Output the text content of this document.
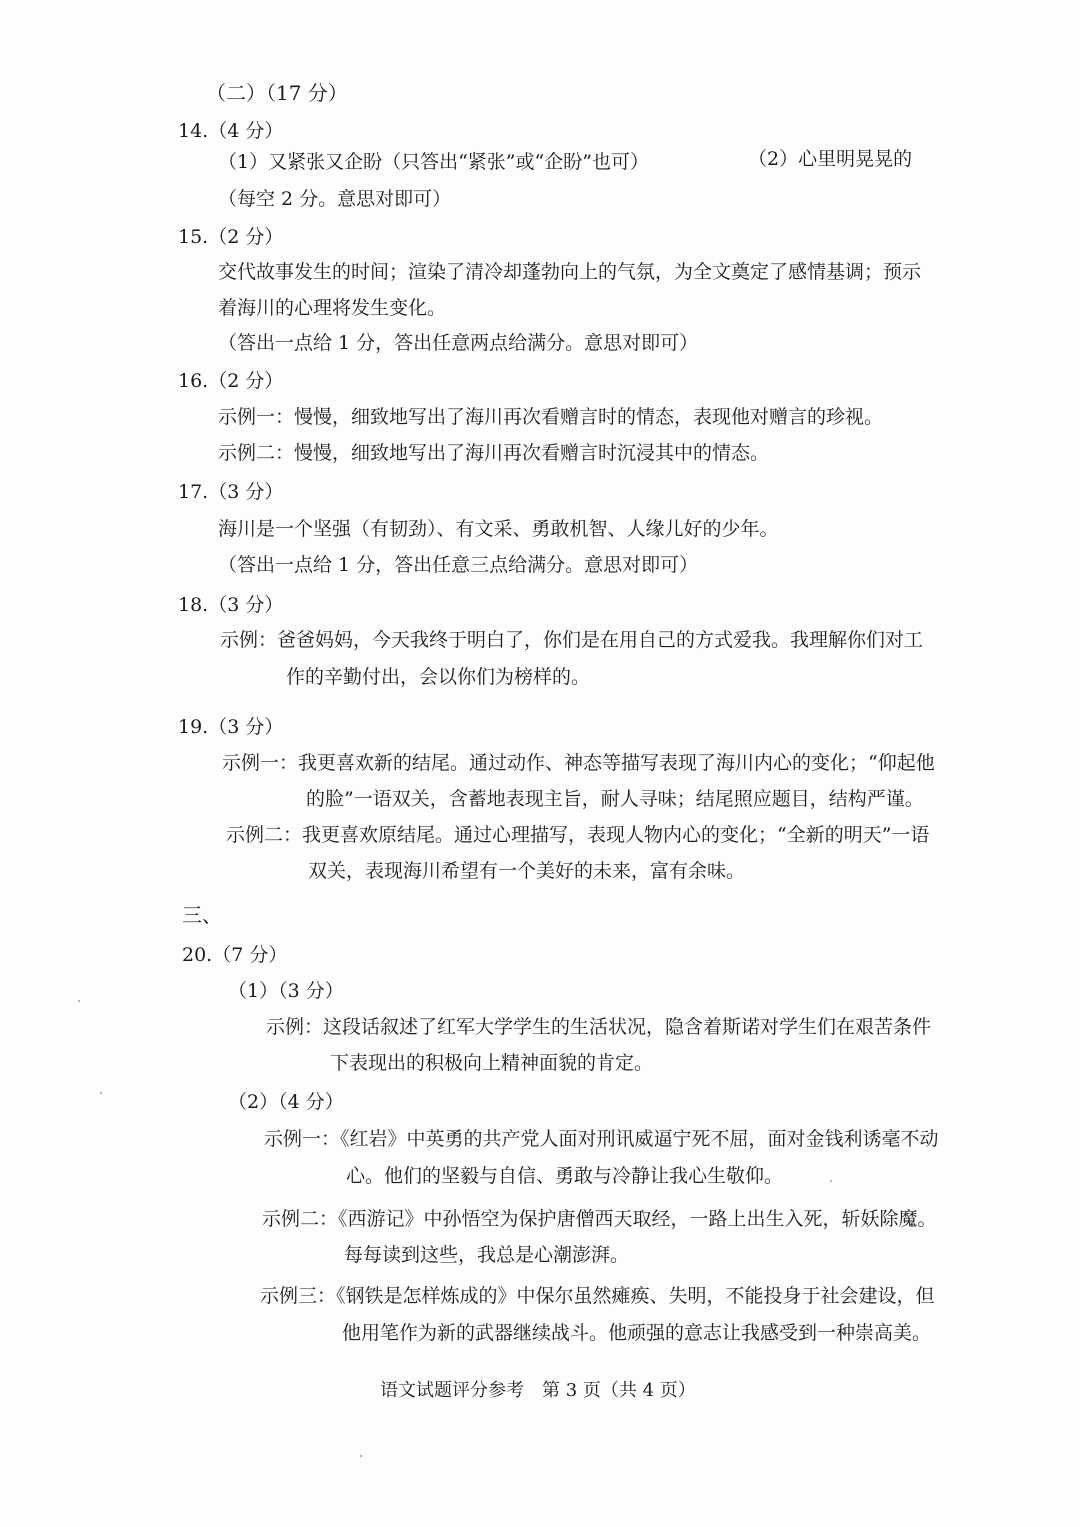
（二）（17 分）
14.（4 分）
（1）又紧张又企盼（只答出“紧张”或“企盼”也可）	（2）心里明晃晃的
（每空 2 分。意思对即可）
15.（2 分）
交代故事发生的时间；渲染了清冷却蓬勃向上的气氛，为全文奠定了感情基调；预示
着海川的心理将发生变化。
（答出一点给 1 分，答出任意两点给满分。意思对即可）
16.（2 分）
示例一：慢慢，细致地写出了海川再次看赠言时的情态，表现他对赠言的珍视。
示例二：慢慢，细致地写出了海川再次看赠言时沉浸其中的情态。
17.（3 分）
海川是一个坚强（有韧劲）、有文采、勇敢机智、人缘儿好的少年。
（答出一点给 1 分，答出任意三点给满分。意思对即可）
18.（3 分）
示例：爸爸妈妈，今天我终于明白了，你们是在用自己的方式爱我。我理解你们对工
作的辛勤付出，会以你们为榜样的。
19.（3 分）
示例一：我更喜欢新的结尾。通过动作、神态等描写表现了海川内心的变化；“仰起他
的脸”一语双关，含蓄地表现主旨，耐人寻味；结尾照应题目，结构严谨。
示例二：我更喜欢原结尾。通过心理描写，表现人物内心的变化；“全新的明天”一语
双关，表现海川希望有一个美好的未来，富有余味。
三、
20.（7 分）
（1）（3 分）
示例：这段话叙述了红军大学学生的生活状况，隐含着斯诺对学生们在艰苦条件
下表现出的积极向上精神面貌的肯定。
（2）（4 分）
示例一：《红岩》中英勇的共产党人面对刑讯威逼宁死不屈，面对金钱利诱毫不动
心。他们的坚毅与自信、勇敢与冷静让我心生敬仰。
示例二：《西游记》中孙悟空为保护唐僧西天取经，一路上出生入死，斩妖除魔。
每每读到这些，我总是心潮澎湃。
示例三：《钢铁是怎样炼成的》中保尔虽然瘫痪、失明，不能投身于社会建设，但
他用笔作为新的武器继续战斗。他顽强的意志让我感受到一种崇高美。
语文试题评分参考　第 3 页（共 4 页）
